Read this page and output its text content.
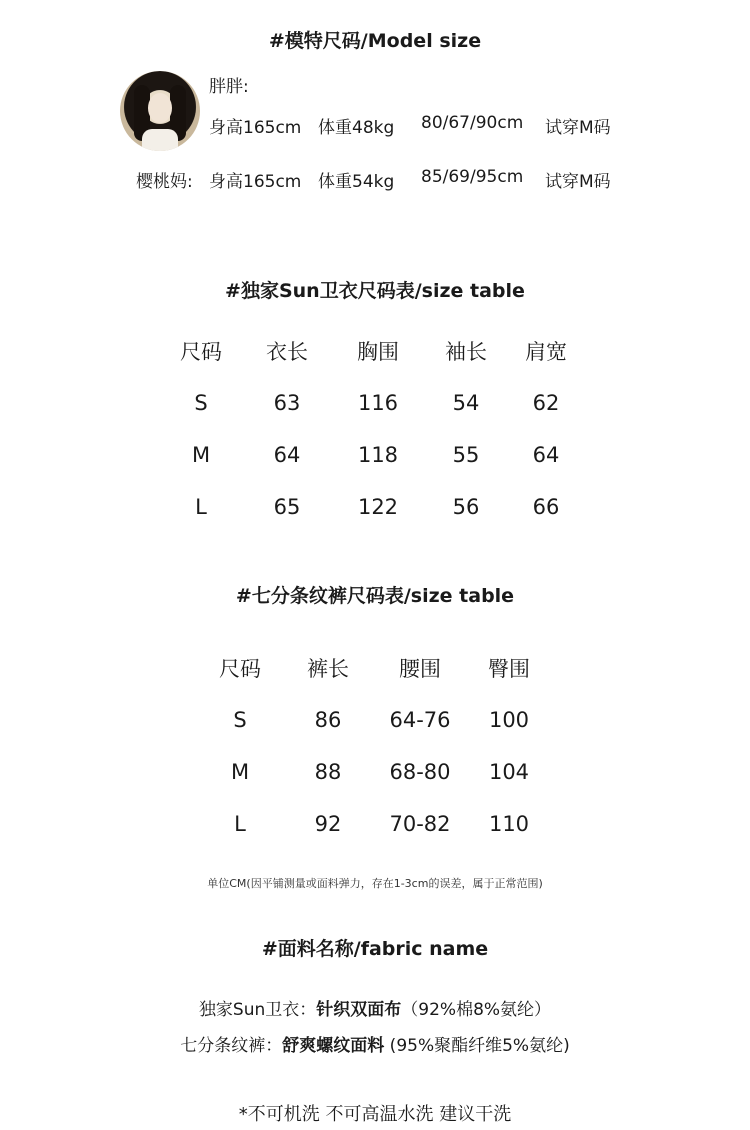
#模特尺码/Model size
胖胖:
身高165cm 体重48kg 80/67/90cm 试穿M码
樱桃妈: 身高165cm 体重54kg 85/69/95cm 试穿M码
#独家Sun卫衣尺码表/size table
尺码	衣长	胸围	袖长	肩宽
S	63	116	54	62
M	64	118	55	64
L	65	122	56	66
#七分条纹裤尺码表/size table
尺码	裤长	腰围	臀围
S	86	64-76	100
M	88	68-80	104
L	92	70-82	110
单位CM(因平铺测量或面料弹力，存在1-3cm的误差，属于正常范围)
#面料名称/fabric name
独家Sun卫衣：针织双面布（92%棉8%氨纶）
七分条纹裤：舒爽螺纹面料 (95%聚酯纤维5%氨纶)
*不可机洗 不可高温水洗 建议干洗
